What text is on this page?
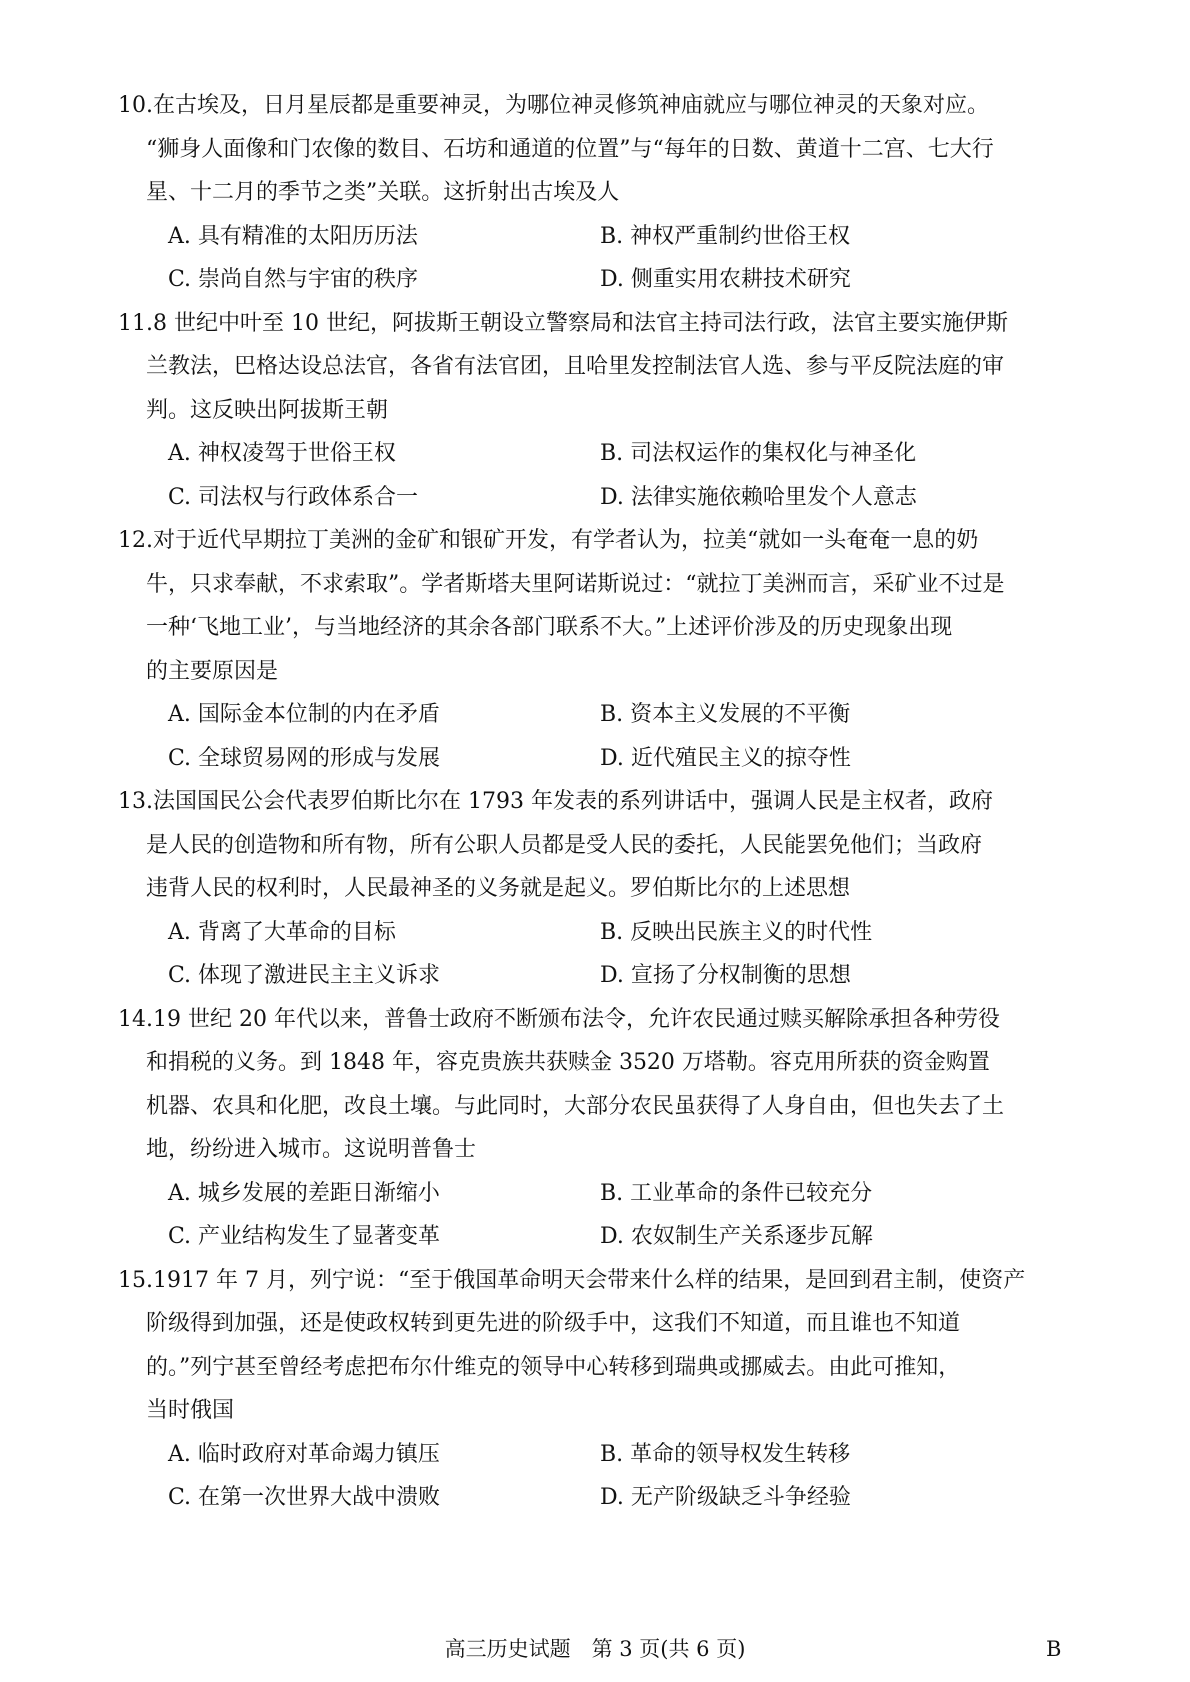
10.在古埃及，日月星辰都是重要神灵，为哪位神灵修筑神庙就应与哪位神灵的天象对应。
“狮身人面像和门农像的数目、石坊和通道的位置”与“每年的日数、黄道十二宫、七大行
星、十二月的季节之类”关联。这折射出古埃及人
A. 具有精准的太阳历历法	B. 神权严重制约世俗王权
C. 崇尚自然与宇宙的秩序	D. 侧重实用农耕技术研究
11.8 世纪中叶至 10 世纪，阿拔斯王朝设立警察局和法官主持司法行政，法官主要实施伊斯
兰教法，巴格达设总法官，各省有法官团，且哈里发控制法官人选、参与平反院法庭的审
判。这反映出阿拔斯王朝
A. 神权凌驾于世俗王权	B. 司法权运作的集权化与神圣化
C. 司法权与行政体系合一	D. 法律实施依赖哈里发个人意志
12.对于近代早期拉丁美洲的金矿和银矿开发，有学者认为，拉美“就如一头奄奄一息的奶
牛，只求奉献，不求索取”。学者斯塔夫里阿诺斯说过：“就拉丁美洲而言，采矿业不过是
一种‘飞地工业’，与当地经济的其余各部门联系不大。”上述评价涉及的历史现象出现
的主要原因是
A. 国际金本位制的内在矛盾	B. 资本主义发展的不平衡
C. 全球贸易网的形成与发展	D. 近代殖民主义的掠夺性
13.法国国民公会代表罗伯斯比尔在 1793 年发表的系列讲话中，强调人民是主权者，政府
是人民的创造物和所有物，所有公职人员都是受人民的委托，人民能罢免他们；当政府
违背人民的权利时，人民最神圣的义务就是起义。罗伯斯比尔的上述思想
A. 背离了大革命的目标	B. 反映出民族主义的时代性
C. 体现了激进民主主义诉求	D. 宣扬了分权制衡的思想
14.19 世纪 20 年代以来，普鲁士政府不断颁布法令，允许农民通过赎买解除承担各种劳役
和捐税的义务。到 1848 年，容克贵族共获赎金 3520 万塔勒。容克用所获的资金购置
机器、农具和化肥，改良土壤。与此同时，大部分农民虽获得了人身自由，但也失去了土
地，纷纷进入城市。这说明普鲁士
A. 城乡发展的差距日渐缩小	B. 工业革命的条件已较充分
C. 产业结构发生了显著变革	D. 农奴制生产关系逐步瓦解
15.1917 年 7 月，列宁说：“至于俄国革命明天会带来什么样的结果，是回到君主制，使资产
阶级得到加强，还是使政权转到更先进的阶级手中，这我们不知道，而且谁也不知道
的。”列宁甚至曾经考虑把布尔什维克的领导中心转移到瑞典或挪威去。由此可推知，
当时俄国
A. 临时政府对革命竭力镇压	B. 革命的领导权发生转移
C. 在第一次世界大战中溃败	D. 无产阶级缺乏斗争经验
高三历史试题　第 3 页(共 6 页)	B
